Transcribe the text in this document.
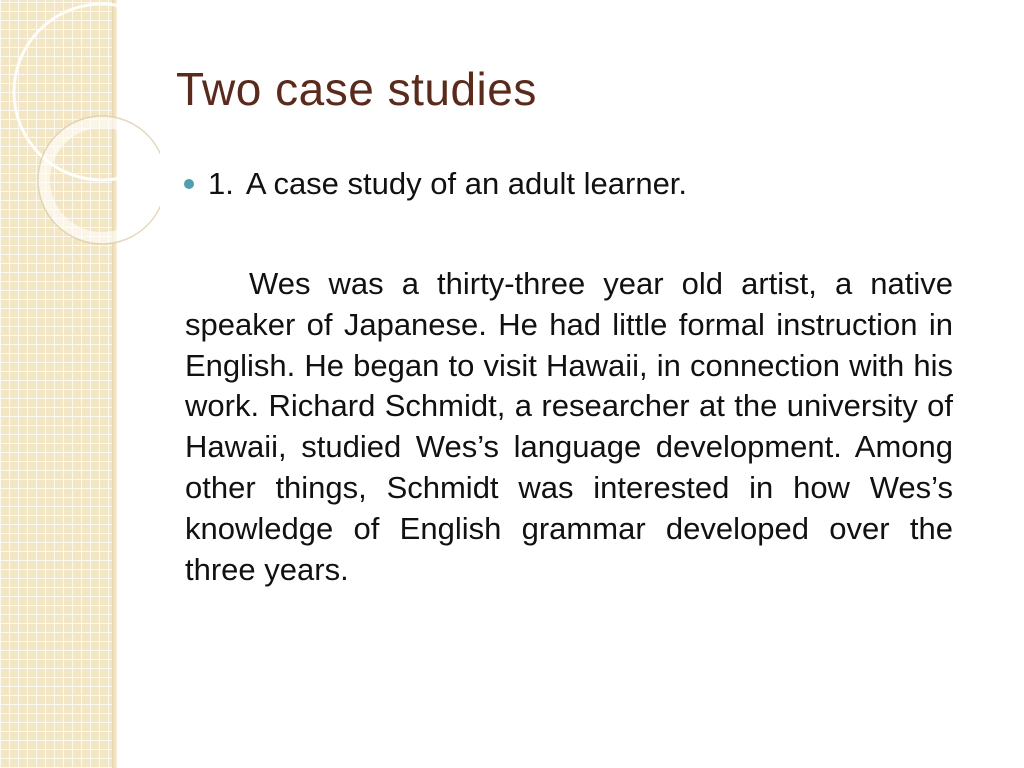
Two case studies
1. A case study of an adult learner.

Wes was a thirty-three year old artist, a native speaker of Japanese. He had little formal instruction in English. He began to visit Hawaii, in connection with his work. Richard Schmidt, a researcher at the university of Hawaii, studied Wes’s language development. Among other things, Schmidt was interested in how Wes’s knowledge of English grammar developed over the three years.
